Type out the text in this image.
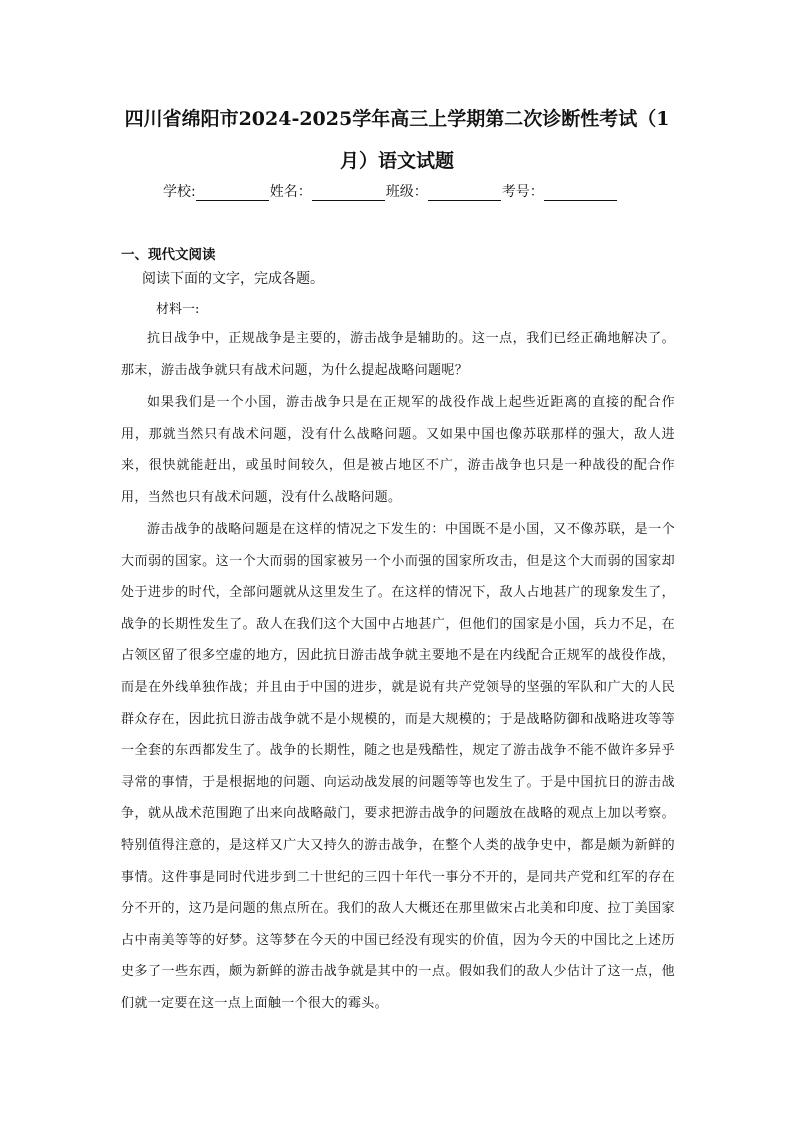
四川省绵阳市2024-2025学年高三上学期第二次诊断性考试（1
月）语文试题
学校:	姓名：	班级：	考号：
一、现代文阅读

阅读下面的文字，完成各题。

材料一:

抗日战争中，正规战争是主要的，游击战争是辅助的。这一点，我们已经正确地解决了。那末，游击战争就只有战术问题，为什么提起战略问题呢？

如果我们是一个小国，游击战争只是在正规军的战役作战上起些近距离的直接的配合作用，那就当然只有战术问题，没有什么战略问题。又如果中国也像苏联那样的强大，敌人进来，很快就能赶出，或虽时间较久，但是被占地区不广，游击战争也只是一种战役的配合作用，当然也只有战术问题，没有什么战略问题。

游击战争的战略问题是在这样的情况之下发生的：中国既不是小国，又不像苏联，是一个大而弱的国家。这一个大而弱的国家被另一个小而强的国家所攻击，但是这个大而弱的国家却处于进步的时代，全部问题就从这里发生了。在这样的情况下，敌人占地甚广的现象发生了，战争的长期性发生了。敌人在我们这个大国中占地甚广，但他们的国家是小国，兵力不足，在占领区留了很多空虚的地方，因此抗日游击战争就主要地不是在内线配合正规军的战役作战，而是在外线单独作战；并且由于中国的进步，就是说有共产党领导的坚强的军队和广大的人民群众存在，因此抗日游击战争就不是小规模的，而是大规模的；于是战略防御和战略进攻等等一全套的东西都发生了。战争的长期性，随之也是残酷性，规定了游击战争不能不做许多异乎寻常的事情，于是根据地的问题、向运动战发展的问题等等也发生了。于是中国抗日的游击战争，就从战术范围跑了出来向战略敲门，要求把游击战争的问题放在战略的观点上加以考察。特别值得注意的，是这样又广大又持久的游击战争，在整个人类的战争史中，都是颇为新鲜的事情。这件事是同时代进步到二十世纪的三四十年代一事分不开的，是同共产党和红军的存在分不开的，这乃是问题的焦点所在。我们的敌人大概还在那里做宋占北美和印度、拉丁美国家占中南美等等的好梦。这等梦在今天的中国已经没有现实的价值，因为今天的中国比之上述历史多了一些东西，颇为新鲜的游击战争就是其中的一点。假如我们的敌人少估计了这一点，他们就一定要在这一点上面触一个很大的霉头。
